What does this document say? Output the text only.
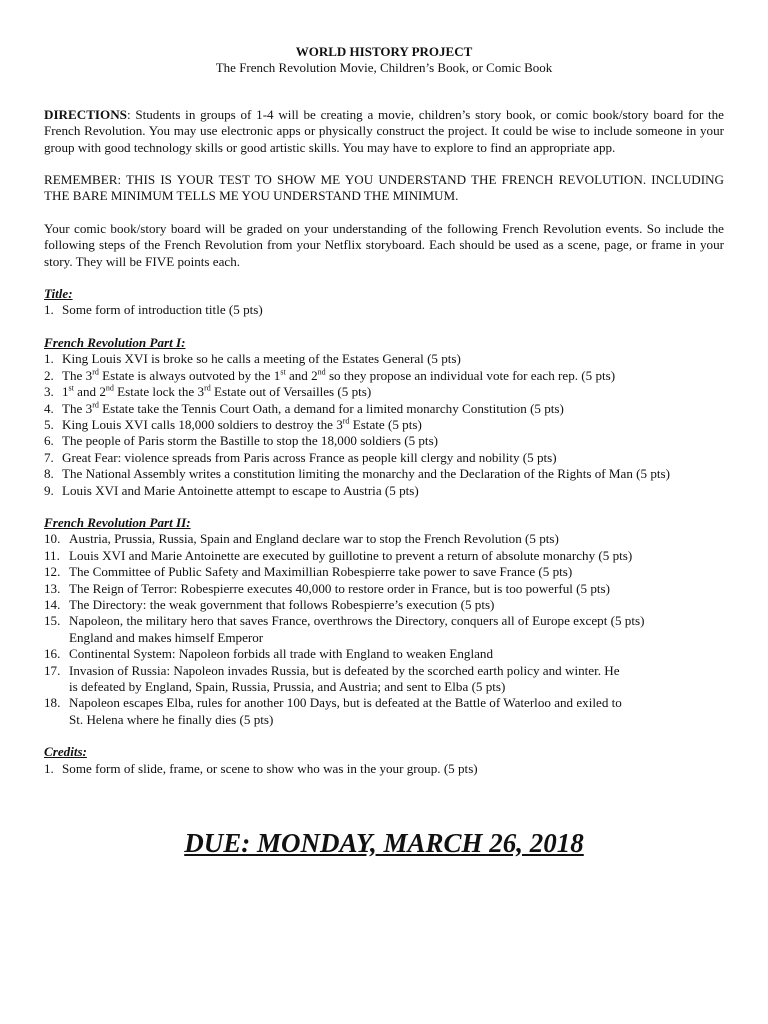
WORLD HISTORY PROJECT
The French Revolution Movie, Children’s Book, or Comic Book

DIRECTIONS: Students in groups of 1-4 will be creating a movie, children’s story book, or comic book/story board for the French Revolution. You may use electronic apps or physically construct the project. It could be wise to include someone in your group with good technology skills or good artistic skills. You may have to explore to find an appropriate app.

REMEMBER: THIS IS YOUR TEST TO SHOW ME YOU UNDERSTAND THE FRENCH REVOLUTION. INCLUDING THE BARE MINIMUM TELLS ME YOU UNDERSTAND THE MINIMUM.

Your comic book/story board will be graded on your understanding of the following French Revolution events. So include the following steps of the French Revolution from your Netflix storyboard. Each should be used as a scene, page, or frame in your story. They will be FIVE points each.

Title:
1. Some form of introduction title (5 pts)
French Revolution Part I:
1. King Louis XVI is broke so he calls a meeting of the Estates General (5 pts)
2. The 3rd Estate is always outvoted by the 1st and 2nd so they propose an individual vote for each rep. (5 pts)
3. 1st and 2nd Estate lock the 3rd Estate out of Versailles (5 pts)
4. The 3rd Estate take the Tennis Court Oath, a demand for a limited monarchy Constitution (5 pts)
5. King Louis XVI calls 18,000 soldiers to destroy the 3rd Estate (5 pts)
6. The people of Paris storm the Bastille to stop the 18,000 soldiers (5 pts)
7. Great Fear: violence spreads from Paris across France as people kill clergy and nobility (5 pts)
8. The National Assembly writes a constitution limiting the monarchy and the Declaration of the Rights of Man (5 pts)
9. Louis XVI and Marie Antoinette attempt to escape to Austria (5 pts)
French Revolution Part II:
10. Austria, Prussia, Russia, Spain and England declare war to stop the French Revolution (5 pts)
11. Louis XVI and Marie Antoinette are executed by guillotine to prevent a return of absolute monarchy (5 pts)
12. The Committee of Public Safety and Maximillian Robespierre take power to save France (5 pts)
13. The Reign of Terror: Robespierre executes 40,000 to restore order in France, but is too powerful (5 pts)
14. The Directory: the weak government that follows Robespierre’s execution (5 pts)
15. Napoleon, the military hero that saves France, overthrows the Directory, conquers all of Europe except (5 pts)
England and makes himself Emperor
16. Continental System: Napoleon forbids all trade with England to weaken England
17. Invasion of Russia: Napoleon invades Russia, but is defeated by the scorched earth policy and winter. He
is defeated by England, Spain, Russia, Prussia, and Austria; and sent to Elba (5 pts)
18. Napoleon escapes Elba, rules for another 100 Days, but is defeated at the Battle of Waterloo and exiled to
St. Helena where he finally dies (5 pts)
Credits:
1. Some form of slide, frame, or scene to show who was in the your group. (5 pts)
DUE: MONDAY, MARCH 26, 2018
